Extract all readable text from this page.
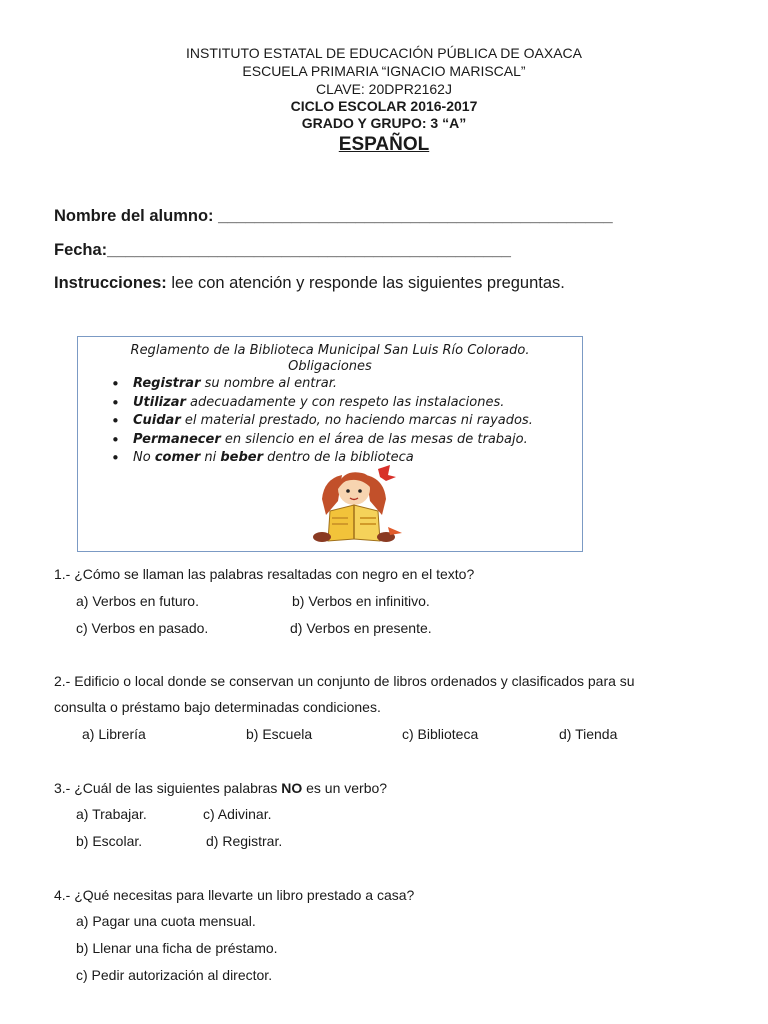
INSTITUTO ESTATAL DE EDUCACIÓN PÚBLICA DE OAXACA
ESCUELA PRIMARIA “IGNACIO MARISCAL”
CLAVE: 20DPR2162J
CICLO ESCOLAR 2016-2017
GRADO Y GRUPO: 3 “A”
ESPAÑOL
Nombre del alumno: ___________________________________________
Fecha:____________________________________________
Instrucciones: lee con atención y responde las siguientes preguntas.
Reglamento de la Biblioteca Municipal San Luis Río Colorado.
Obligaciones
• Registrar su nombre al entrar.
• Utilizar adecuadamente y con respeto las instalaciones.
• Cuidar el material prestado, no haciendo marcas ni rayados.
• Permanecer en silencio en el área de las mesas de trabajo.
• No comer ni beber dentro de la biblioteca
1.- ¿Cómo se llaman las palabras resaltadas con negro en el texto?
a) Verbos en futuro.	b) Verbos en infinitivo.
c) Verbos en pasado.	d) Verbos en presente.
2.- Edificio o local donde se conservan un conjunto de libros ordenados y clasificados para su
consulta o préstamo bajo determinadas condiciones.
a) Librería	b) Escuela	c) Biblioteca	d) Tienda
3.- ¿Cuál de las siguientes palabras NO es un verbo?
a) Trabajar.	c) Adivinar.
b) Escolar.	d) Registrar.
4.- ¿Qué necesitas para llevarte un libro prestado a casa?
a) Pagar una cuota mensual.
b) Llenar una ficha de préstamo.
c) Pedir autorización al director.
